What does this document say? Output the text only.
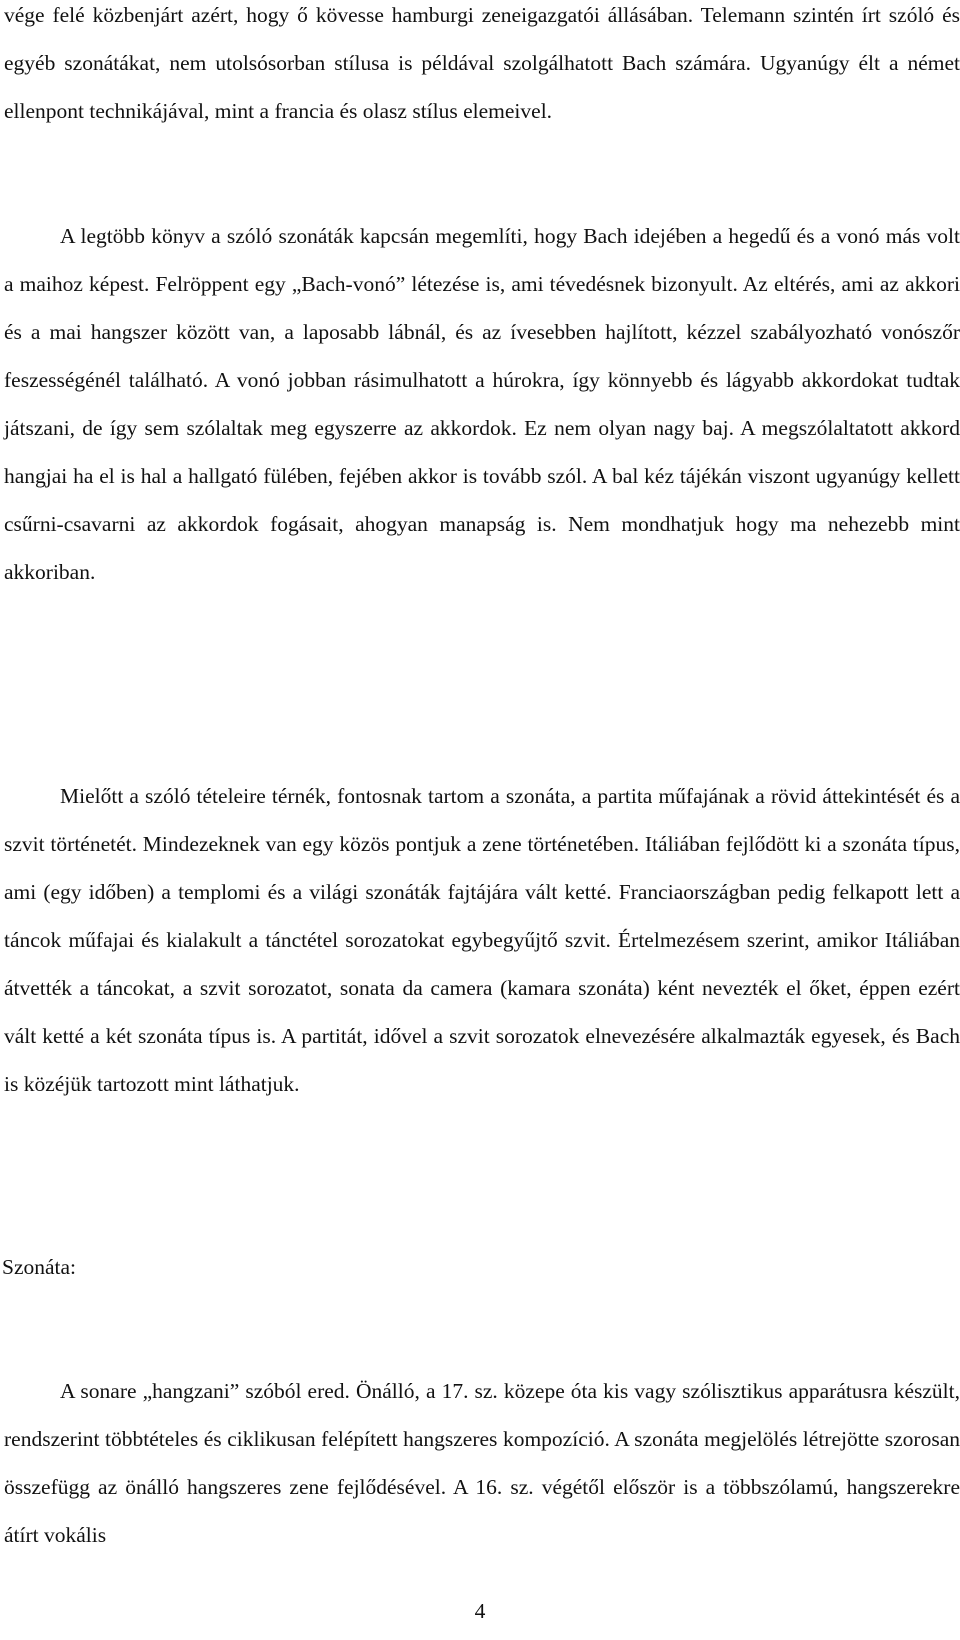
vége felé közbenjárt azért, hogy ő kövesse hamburgi zeneigazgatói állásában. Telemann szintén írt szóló és egyéb szonátákat, nem utolsósorban stílusa is példával szolgálhatott Bach számára. Ugyanúgy élt a német ellenpont technikájával, mint a francia és olasz stílus elemeivel.

A legtöbb könyv a szóló szonáták kapcsán megemlíti, hogy Bach idejében a hegedű és a vonó más volt a maihoz képest. Felröppent egy „Bach-vonó” létezése is, ami tévedésnek bizonyult. Az eltérés, ami az akkori és a mai hangszer között van, a laposabb lábnál, és az ívesebben hajlított, kézzel szabályozható vonószőr feszességénél található. A vonó jobban rásimulhatott a húrokra, így könnyebb és lágyabb akkordokat tudtak játszani, de így sem szólaltak meg egyszerre az akkordok. Ez nem olyan nagy baj. A megszólaltatott akkord hangjai ha el is hal a hallgató fülében, fejében akkor is tovább szól. A bal kéz tájékán viszont ugyanúgy kellett csűrni-csavarni az akkordok fogásait, ahogyan manapság is. Nem mondhatjuk hogy ma nehezebb mint akkoriban.

Mielőtt a szóló tételeire térnék, fontosnak tartom a szonáta, a partita műfajának a rövid áttekintését és a szvit történetét. Mindezeknek van egy közös pontjuk a zene történetében. Itáliában fejlődött ki a szonáta típus, ami (egy időben) a templomi és a világi szonáták fajtájára vált ketté. Franciaországban pedig felkapott lett a táncok műfajai és kialakult a tánctétel sorozatokat egybegyűjtő szvit. Értelmezésem szerint, amikor Itáliában átvették a táncokat, a szvit sorozatot, sonata da camera (kamara szonáta) ként nevezték el őket, éppen ezért vált ketté a két szonáta típus is. A partitát, idővel a szvit sorozatok elnevezésére alkalmazták egyesek, és Bach is közéjük tartozott mint láthatjuk.

Szonáta:

A sonare „hangzani” szóból ered. Önálló, a 17. sz. közepe óta kis vagy szólisztikus apparátusra készült, rendszerint többtételes és ciklikusan felépített hangszeres kompozíció. A szonáta megjelölés létrejötte szorosan összefügg az önálló hangszeres zene fejlődésével. A 16. sz. végétől először is a többszólamú, hangszerekre átírt vokális

4
